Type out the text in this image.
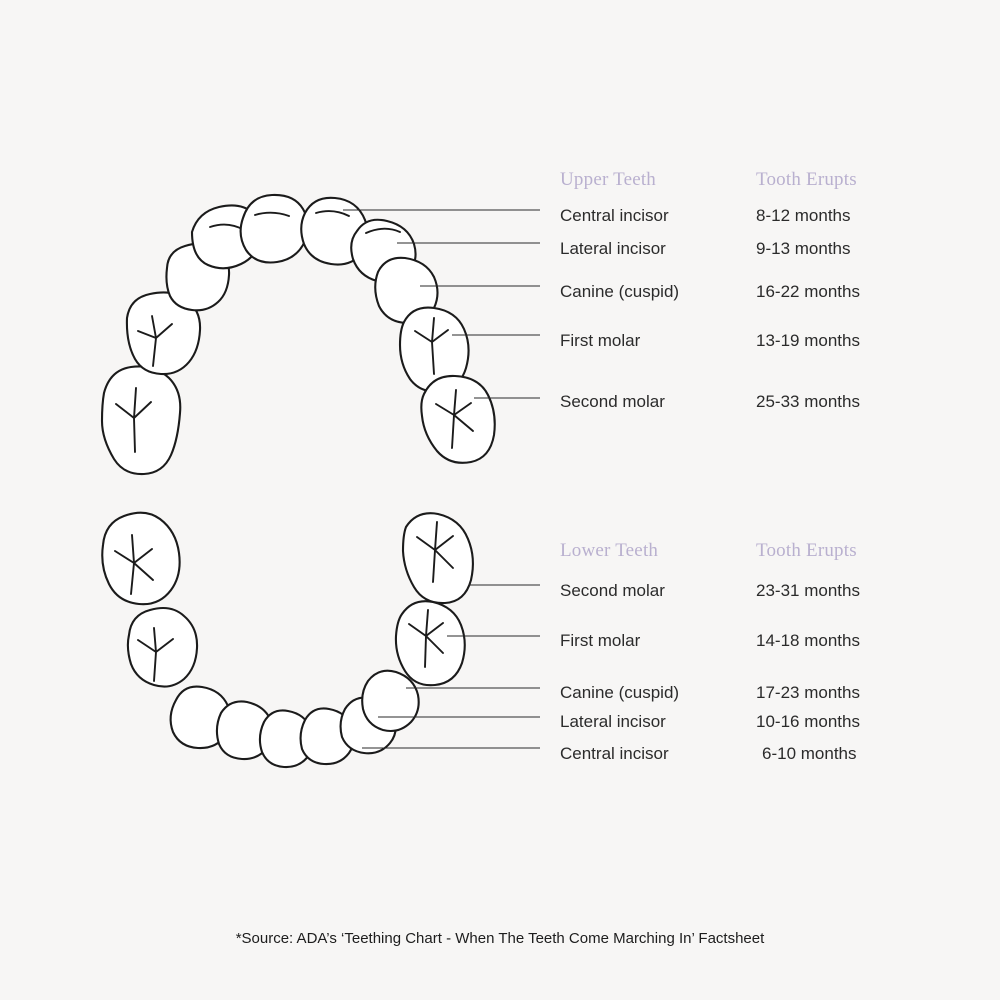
Upper Teeth	Tooth Erupts
Central incisor	8-12 months
Lateral incisor	9-13 months
Canine (cuspid)	16-22 months
First molar	13-19 months
Second molar	25-33 months
Lower Teeth	Tooth Erupts
Second molar	23-31 months
First molar	14-18 months
Canine (cuspid)	17-23 months
Lateral incisor	10-16 months
Central incisor	6-10 months
*Source: ADA’s ‘Teething Chart - When The Teeth Come Marching In’ Factsheet
